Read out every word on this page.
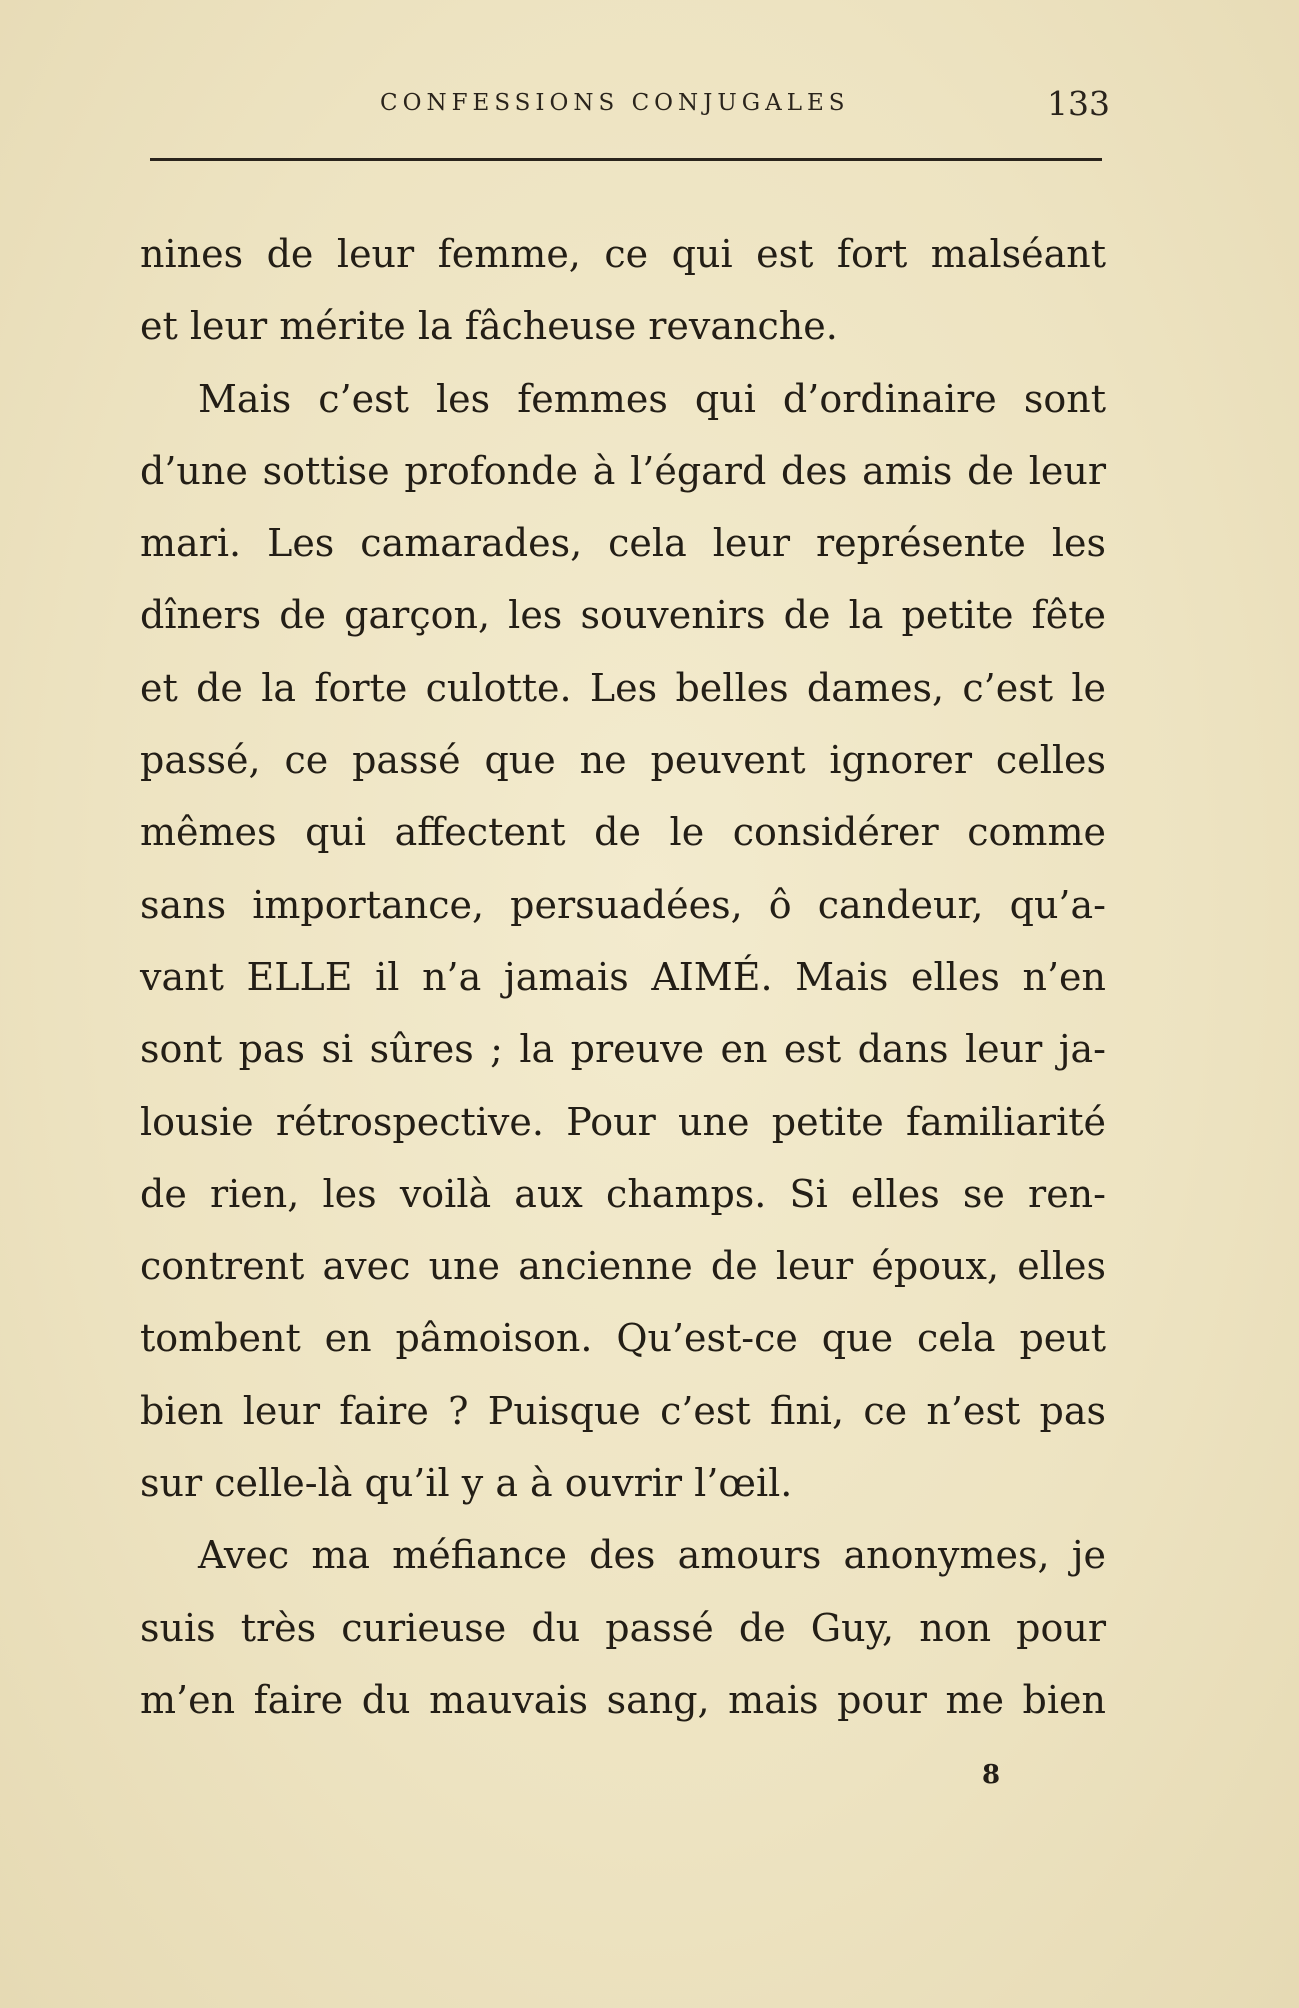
CONFESSIONS CONJUGALES	133
nines de leur femme, ce qui est fort malséant
et leur mérite la fâcheuse revanche.
Mais c’est les femmes qui d’ordinaire sont
d’une sottise profonde à l’égard des amis de leur
mari. Les camarades, cela leur représente les
dîners de garçon, les souvenirs de la petite fête
et de la forte culotte. Les belles dames, c’est le
passé, ce passé que ne peuvent ignorer celles
mêmes qui affectent de le considérer comme
sans importance, persuadées, ô candeur, qu’a-
vant ELLE il n’a jamais AIMÉ. Mais elles n’en
sont pas si sûres ; la preuve en est dans leur ja-
lousie rétrospective. Pour une petite familiarité
de rien, les voilà aux champs. Si elles se ren-
contrent avec une ancienne de leur époux, elles
tombent en pâmoison. Qu’est-ce que cela peut
bien leur faire ? Puisque c’est fini, ce n’est pas
sur celle-là qu’il y a à ouvrir l’œil.
Avec ma méfiance des amours anonymes, je
suis très curieuse du passé de Guy, non pour
m’en faire du mauvais sang, mais pour me bien
8
